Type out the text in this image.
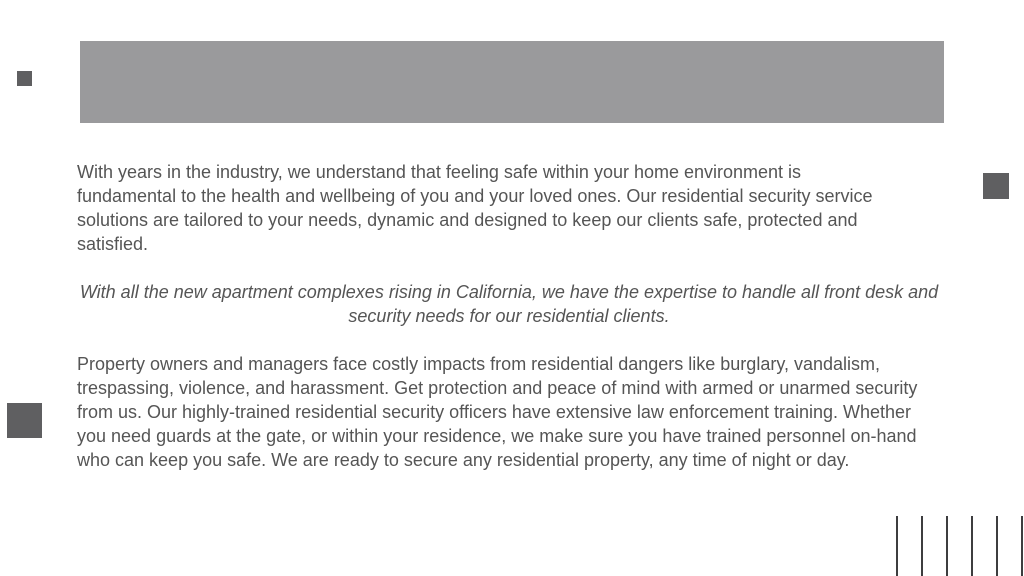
With years in the industry, we understand that feeling safe within your home environment is fundamental to the health and wellbeing of you and your loved ones. Our residential security service solutions are tailored to your needs, dynamic and designed to keep our clients safe, protected and satisfied.

With all the new apartment complexes rising in California, we have the expertise to handle all front desk and security needs for our residential clients.

Property owners and managers face costly impacts from residential dangers like burglary, vandalism, trespassing, violence, and harassment. Get protection and peace of mind with armed or unarmed security from us. Our highly-trained residential security officers have extensive law enforcement training. Whether you need guards at the gate, or within your residence, we make sure you have trained personnel on-hand who can keep you safe. We are ready to secure any residential property, any time of night or day.
